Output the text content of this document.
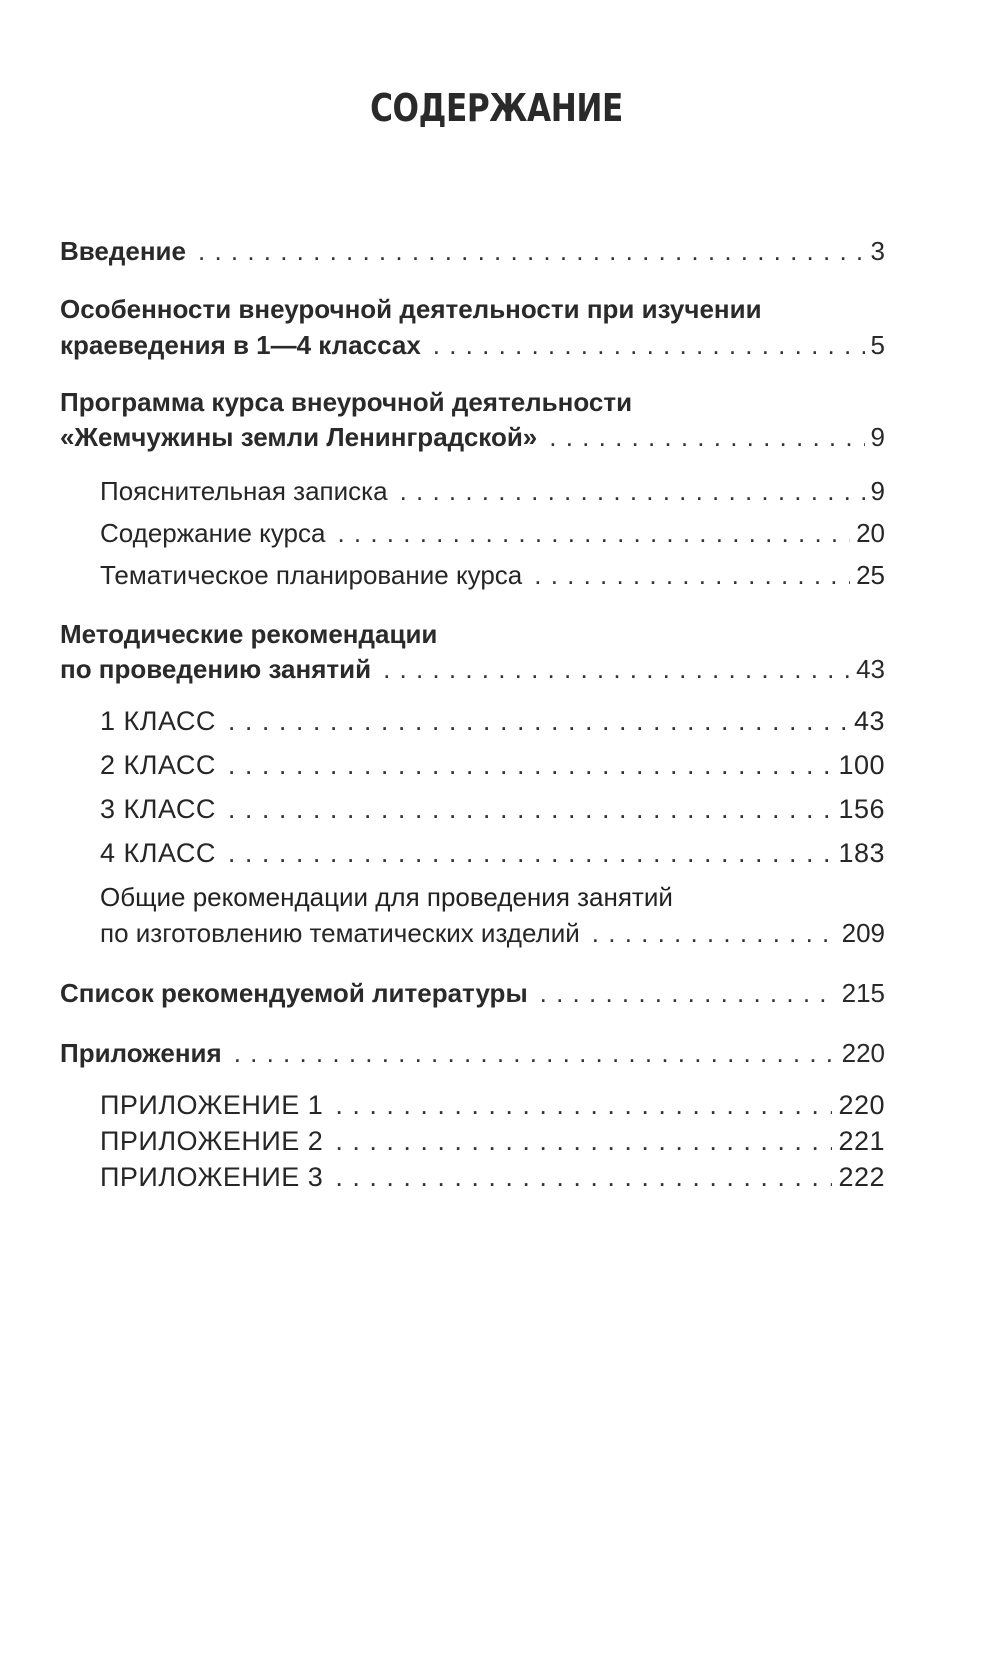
СОДЕРЖАНИЕ
Введение . . .	3
Особенности внеурочной деятельности при изучении
краеведения в 1—4 классах . . .	5
Программа курса внеурочной деятельности
«Жемчужины земли Ленинградской» . . .	9
Пояснительная записка . . .	9
Содержание курса . . .	20
Тематическое планирование курса . . .	25
Методические рекомендации
по проведению занятий . . .	43
1 КЛАСС . . .	43
2 КЛАСС . . .	100
3 КЛАСС . . .	156
4 КЛАСС . . .	183
Общие рекомендации для проведения занятий
по изготовлению тематических изделий . . .	209
Список рекомендуемой литературы . . .	215
Приложения . . .	220
ПРИЛОЖЕНИЕ 1 . . .	220
ПРИЛОЖЕНИЕ 2 . . .	221
ПРИЛОЖЕНИЕ 3 . . .	222
